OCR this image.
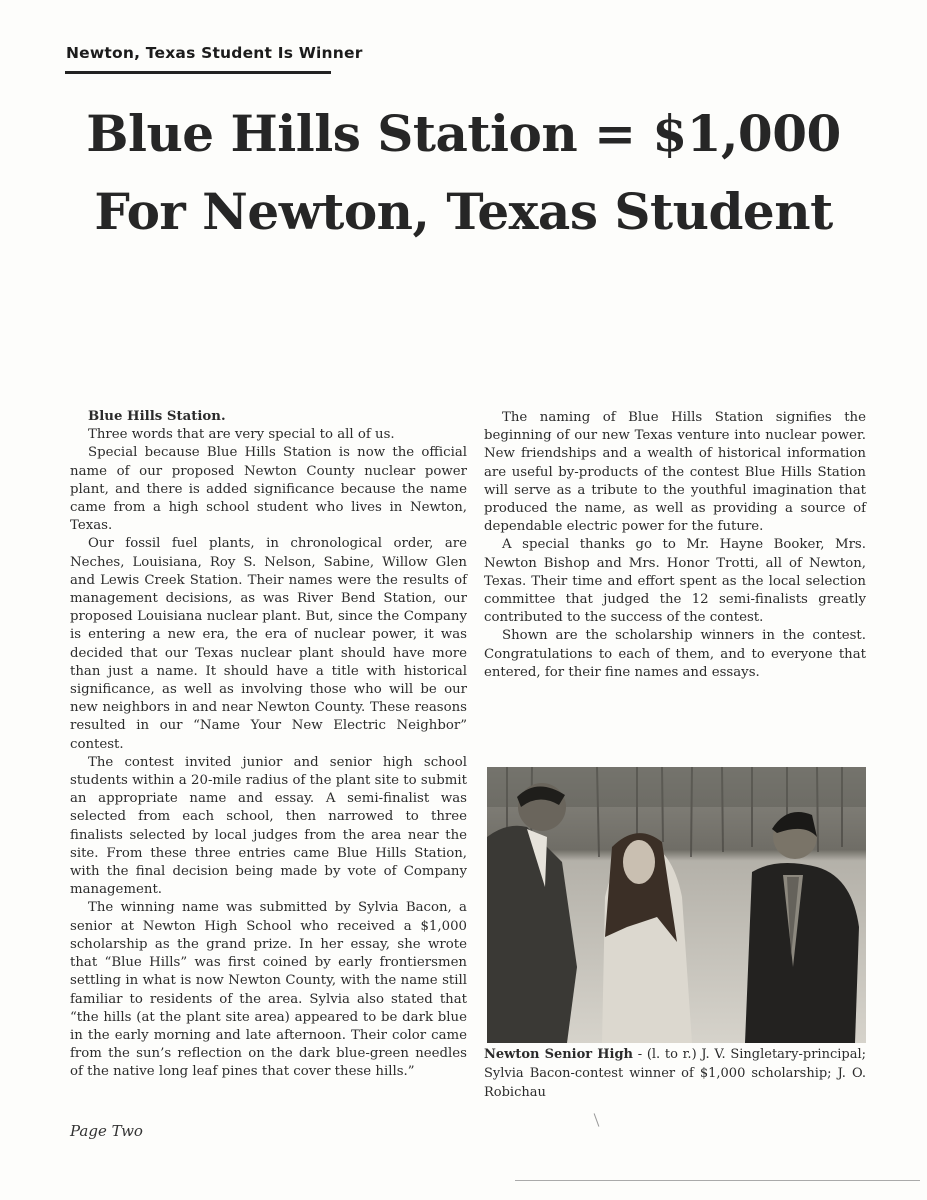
Newton, Texas Student Is Winner
Blue Hills Station = $1,000
For Newton, Texas Student

Blue Hills Station.

Three words that are very special to all of us.

Special because Blue Hills Station is now the official name of our proposed Newton County nuclear power plant, and there is added significance because the name came from a high school student who lives in Newton, Texas.

Our fossil fuel plants, in chronological order, are Neches, Louisiana, Roy S. Nelson, Sabine, Willow Glen and Lewis Creek Station. Their names were the results of management decisions, as was River Bend Station, our proposed Louisiana nuclear plant. But, since the Company is entering a new era, the era of nuclear power, it was decided that our Texas nuclear plant should have more than just a name. It should have a title with historical significance, as well as involving those who will be our new neighbors in and near Newton County. These reasons resulted in our “Name Your New Electric Neighbor” contest.

The contest invited junior and senior high school students within a 20-mile radius of the plant site to submit an appropriate name and essay. A semi-finalist was selected from each school, then narrowed to three finalists selected by local judges from the area near the site. From these three entries came Blue Hills Station, with the final decision being made by vote of Company management.

The winning name was submitted by Sylvia Bacon, a senior at Newton High School who received a $1,000 scholarship as the grand prize. In her essay, she wrote that “Blue Hills” was first coined by early frontiersmen settling in what is now Newton County, with the name still familiar to residents of the area. Sylvia also stated that “the hills (at the plant site area) appeared to be dark blue in the early morning and late afternoon. Their color came from the sun’s reflection on the dark blue-green needles of the native long leaf pines that cover these hills.”

The naming of Blue Hills Station signifies the beginning of our new Texas venture into nuclear power. New friendships and a wealth of historical information are useful by-products of the contest Blue Hills Station will serve as a tribute to the youthful imagination that produced the name, as well as providing a source of dependable electric power for the future.

A special thanks go to Mr. Hayne Booker, Mrs. Newton Bishop and Mrs. Honor Trotti, all of Newton, Texas. Their time and effort spent as the local selection committee that judged the 12 semi-finalists greatly contributed to the success of the contest.

Shown are the scholarship winners in the contest. Congratulations to each of them, and to everyone that entered, for their fine names and essays.

Newton Senior High - (l. to r.) J. V. Singletary-principal; Sylvia Bacon-contest winner of $1,000 scholarship; J. O. Robichau
Page Two
